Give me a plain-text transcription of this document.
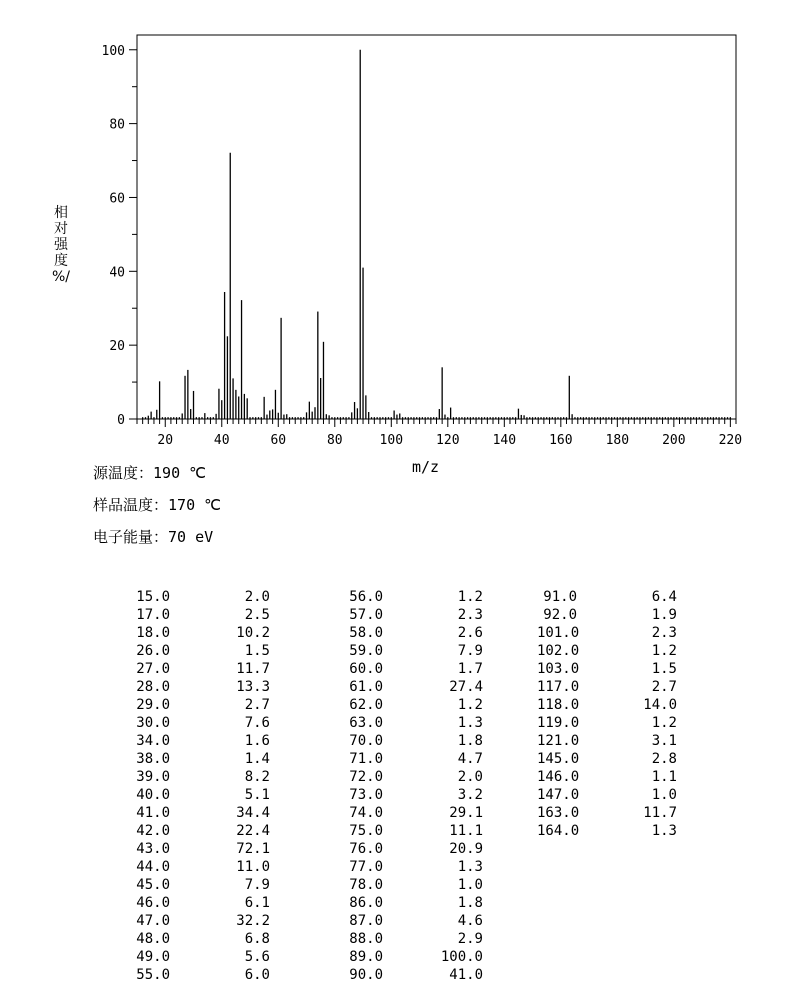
20	40	60	80	100	120	140	160	180	200	220
0
20
40
60
80
100
相
对
强
度
%/
m/z
源温度：190 ℃
样品温度：170 ℃
电子能量：70 eV
15.0	2.0
17.0	2.5
18.0	10.2
26.0	1.5
27.0	11.7
28.0	13.3
29.0	2.7
30.0	7.6
34.0	1.6
38.0	1.4
39.0	8.2
40.0	5.1
41.0	34.4
42.0	22.4
43.0	72.1
44.0	11.0
45.0	7.9
46.0	6.1
47.0	32.2
48.0	6.8
49.0	5.6
55.0	6.0
56.0	1.2
57.0	2.3
58.0	2.6
59.0	7.9
60.0	1.7
61.0	27.4
62.0	1.2
63.0	1.3
70.0	1.8
71.0	4.7
72.0	2.0
73.0	3.2
74.0	29.1
75.0	11.1
76.0	20.9
77.0	1.3
78.0	1.0
86.0	1.8
87.0	4.6
88.0	2.9
89.0	100.0
90.0	41.0
91.0	6.4
92.0	1.9
101.0	2.3
102.0	1.2
103.0	1.5
117.0	2.7
118.0	14.0
119.0	1.2
121.0	3.1
145.0	2.8
146.0	1.1
147.0	1.0
163.0	11.7
164.0	1.3
